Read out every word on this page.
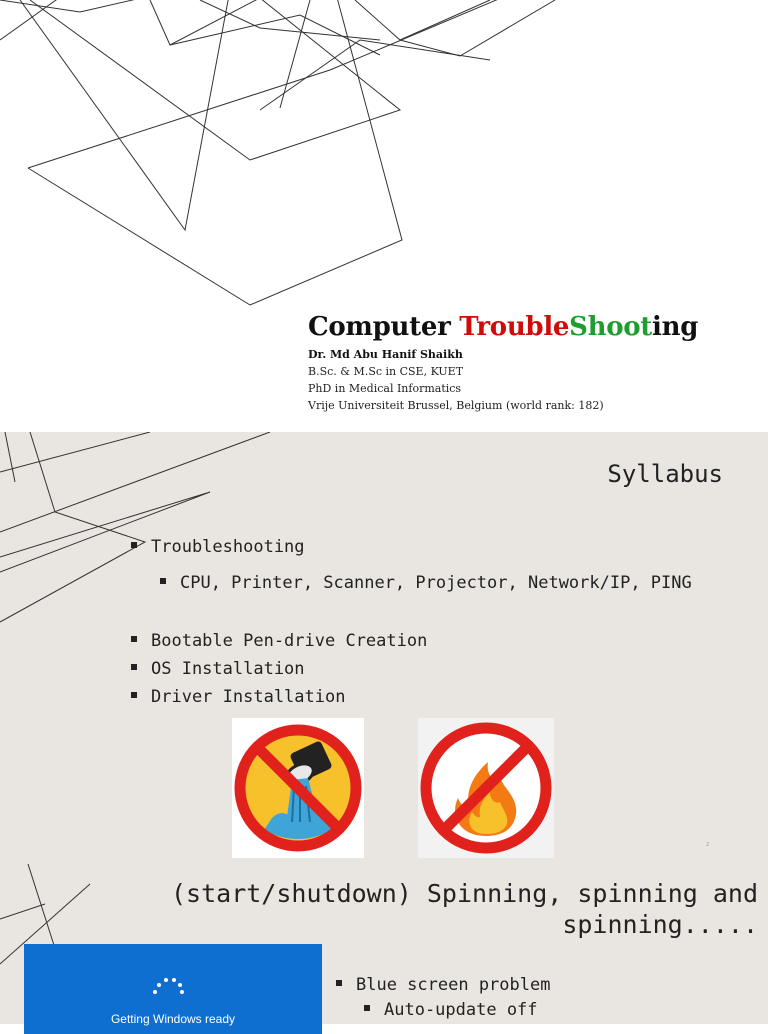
Computer TroubleShooting
Dr. Md Abu Hanif Shaikh
B.Sc. & M.Sc in CSE, KUET
PhD in Medical Informatics
Vrije Universiteit Brussel, Belgium (world rank: 182)
Syllabus
Troubleshooting
CPU, Printer, Scanner, Projector, Network/IP, PING
Bootable Pen-drive Creation
OS Installation
Driver Installation
2
(start/shutdown) Spinning, spinning and
spinning.....
Getting Windows ready
Blue screen problem
Auto-update off
